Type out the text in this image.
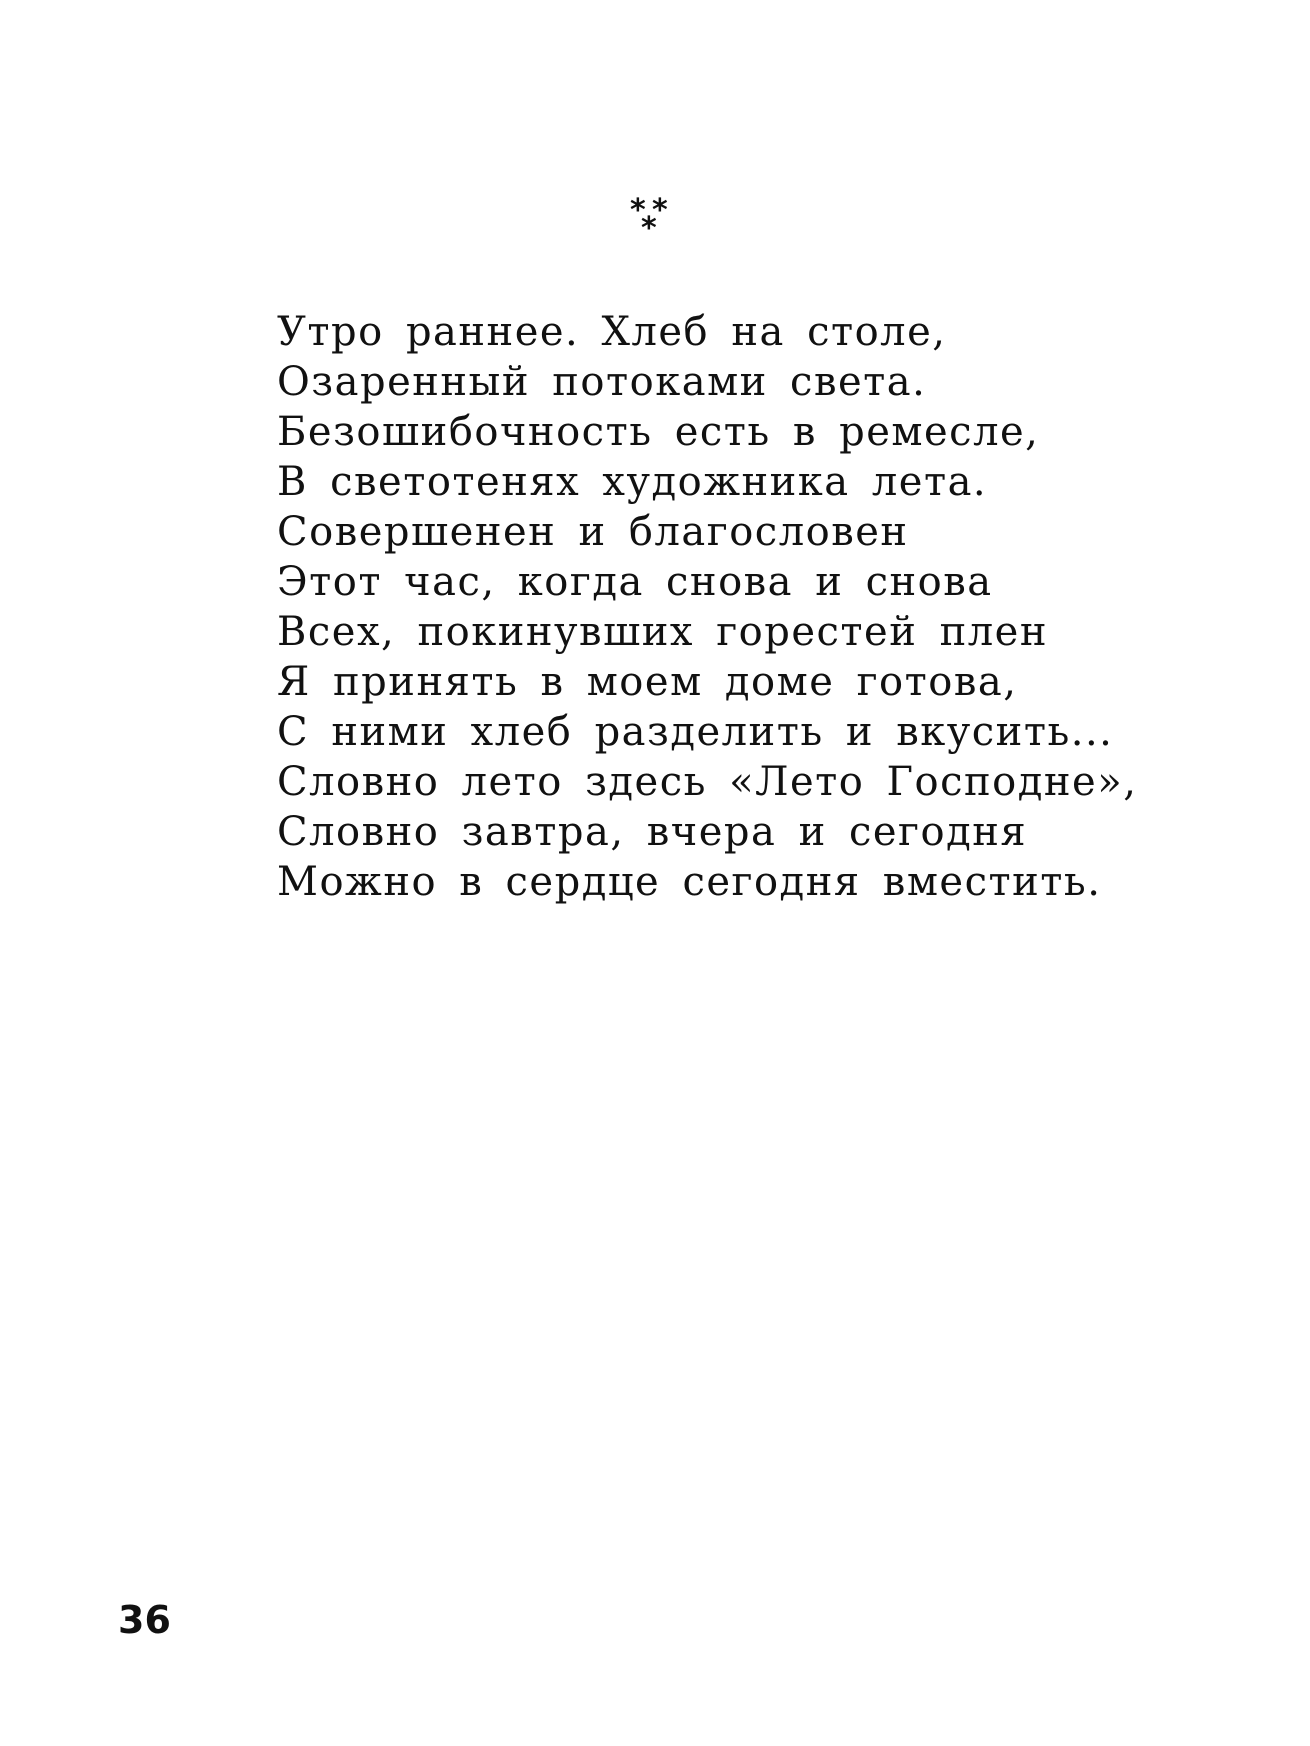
* *
*
Утро раннее. Хлеб на столе,
Озаренный потоками света.
Безошибочность есть в ремесле,
В светотенях художника лета.
Совершенен и благословен
Этот час, когда снова и снова
Всех, покинувших горестей плен
Я принять в моем доме готова,
С ними хлеб разделить и вкусить...
Словно лето здесь «Лето Господне»,
Словно завтра, вчера и сегодня
Можно в сердце сегодня вместить.
36
